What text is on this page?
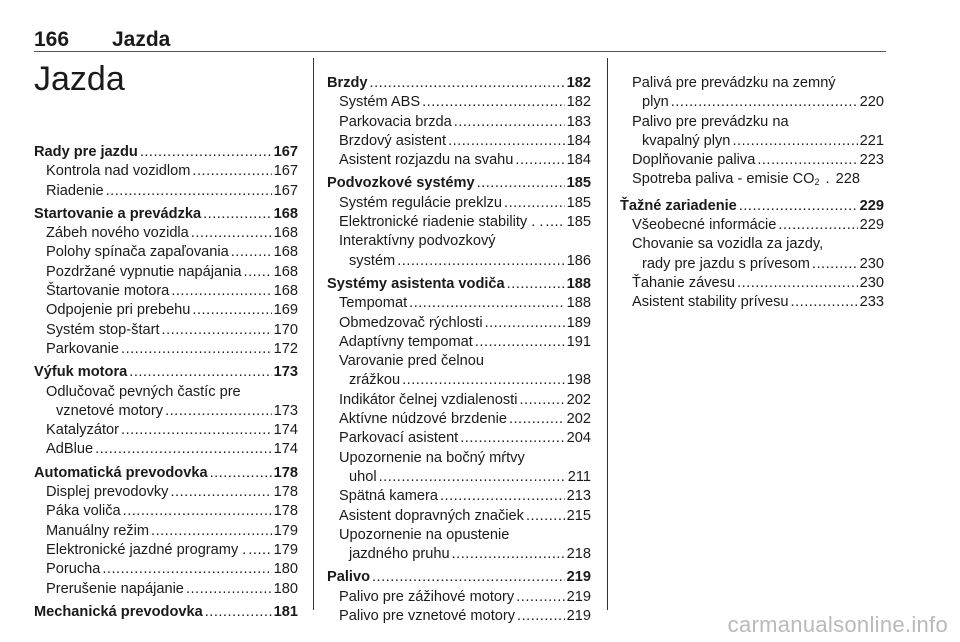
166 Jazda
Jazda
Rady pre jazdu .....	167
Kontrola nad vozidlom .....	167
Riadenie .....	167
Startovanie a prevádzka .....	168
Zábeh nového vozidla .....	168
Polohy spínača zapaľovania .....	168
Pozdržané vypnutie napájania ..... 168
Štartovanie motora .....	168
Odpojenie pri prebehu .....	169
Systém stop-štart .....	170
Parkovanie .....	172
Výfuk motora .....	173
Odlučovač pevných častíc pre
vznetové motory .....	173
Katalyzátor .....	174
AdBlue .....	174
Automatická prevodovka .....	178
Displej prevodovky .....	178
Páka voliča .....	178
Manuálny režim .....	179
Elektronické jazdné programy . ..... 179
Porucha .....	180
Prerušenie napájanie .....	180
Mechanická prevodovka .....	181
Brzdy .....	182
Systém ABS .....	182
Parkovacia brzda .....	183
Brzdový asistent .....	184
Asistent rozjazdu na svahu .....	184
Podvozkové systémy .....	185
Systém regulácie preklzu .....	185
Elektronické riadenie stability . . ..... 185
Interaktívny podvozkový
systém .....	186
Systémy asistenta vodiča .....	188
Tempomat .....	188
Obmedzovač rýchlosti .....	189
Adaptívny tempomat .....	191
Varovanie pred čelnou
zrážkou .....	198
Indikátor čelnej vzdialenosti .....	202
Aktívne núdzové brzdenie .....	202
Parkovací asistent .....	204
Upozornenie na bočný mŕtvy
uhol .....	211
Spätná kamera .....	213
Asistent dopravných značiek .....	215
Upozornenie na opustenie
jazdného pruhu .....	218
Palivo .....	219
Palivo pre zážihové motory .....	219
Palivo pre vznetové motory .....	219
Palivá pre prevádzku na zemný
plyn .....	220
Palivo pre prevádzku na
kvapalný plyn .....	221
Doplňovanie paliva .....	223
Spotreba paliva - emisie $CO_2$ . 228
Ťažné zariadenie .....	229
Všeobecné informácie .....	229
Chovanie sa vozidla za jazdy,
rady pre jazdu s prívesom .....	230
Ťahanie závesu .....	230
Asistent stability prívesu .....	233
carmanualsonline.info
